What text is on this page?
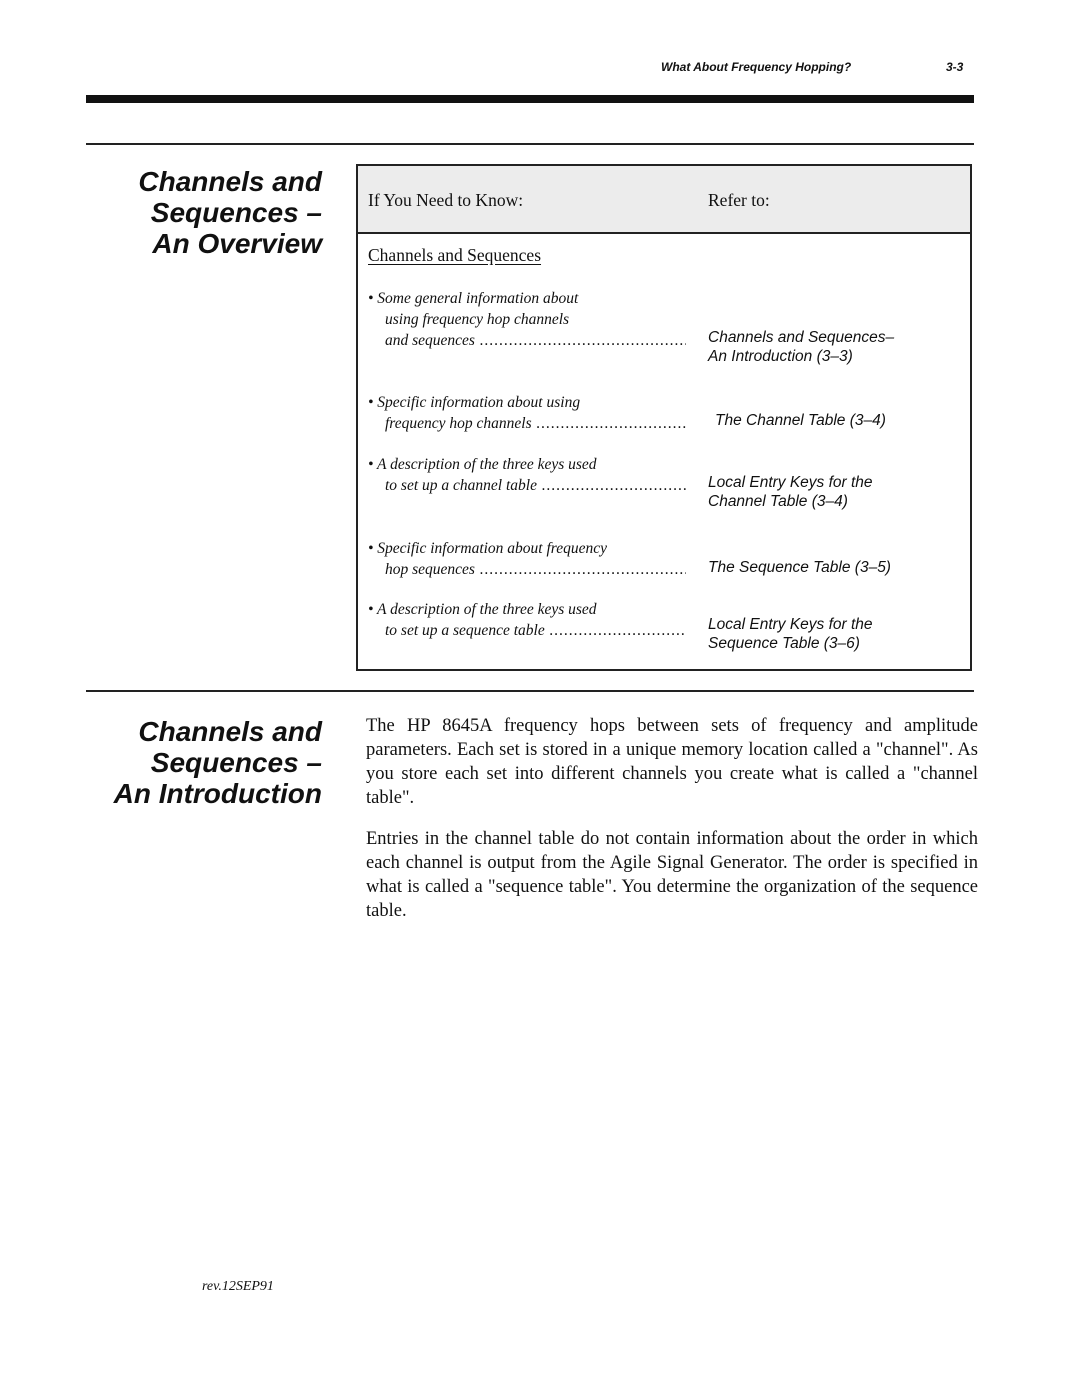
What About Frequency Hopping?	3-3
Channels and
Sequences –
An Overview
If You Need to Know:	Refer to:
Channels and Sequences
• Some general information about
using frequency hop channels
and sequences .....	Channels and Sequences–
An Introduction (3–3)
• Specific information about using
frequency hop channels .....	The Channel Table (3–4)
• A description of the three keys used
to set up a channel table .....	Local Entry Keys for the
Channel Table (3–4)
• Specific information about frequency
hop sequences .....	The Sequence Table (3–5)
• A description of the three keys used
to set up a sequence table .....	Local Entry Keys for the
Sequence Table (3–6)
Channels and
Sequences –
An Introduction

The HP 8645A frequency hops between sets of frequency and amplitude parameters. Each set is stored in a unique memory location called a "channel". As you store each set into different channels you create what is called a "channel table".

Entries in the channel table do not contain information about the order in which each channel is output from the Agile Signal Generator. The order is specified in what is called a "sequence table". You determine the organization of the sequence table.

rev.12SEP91
